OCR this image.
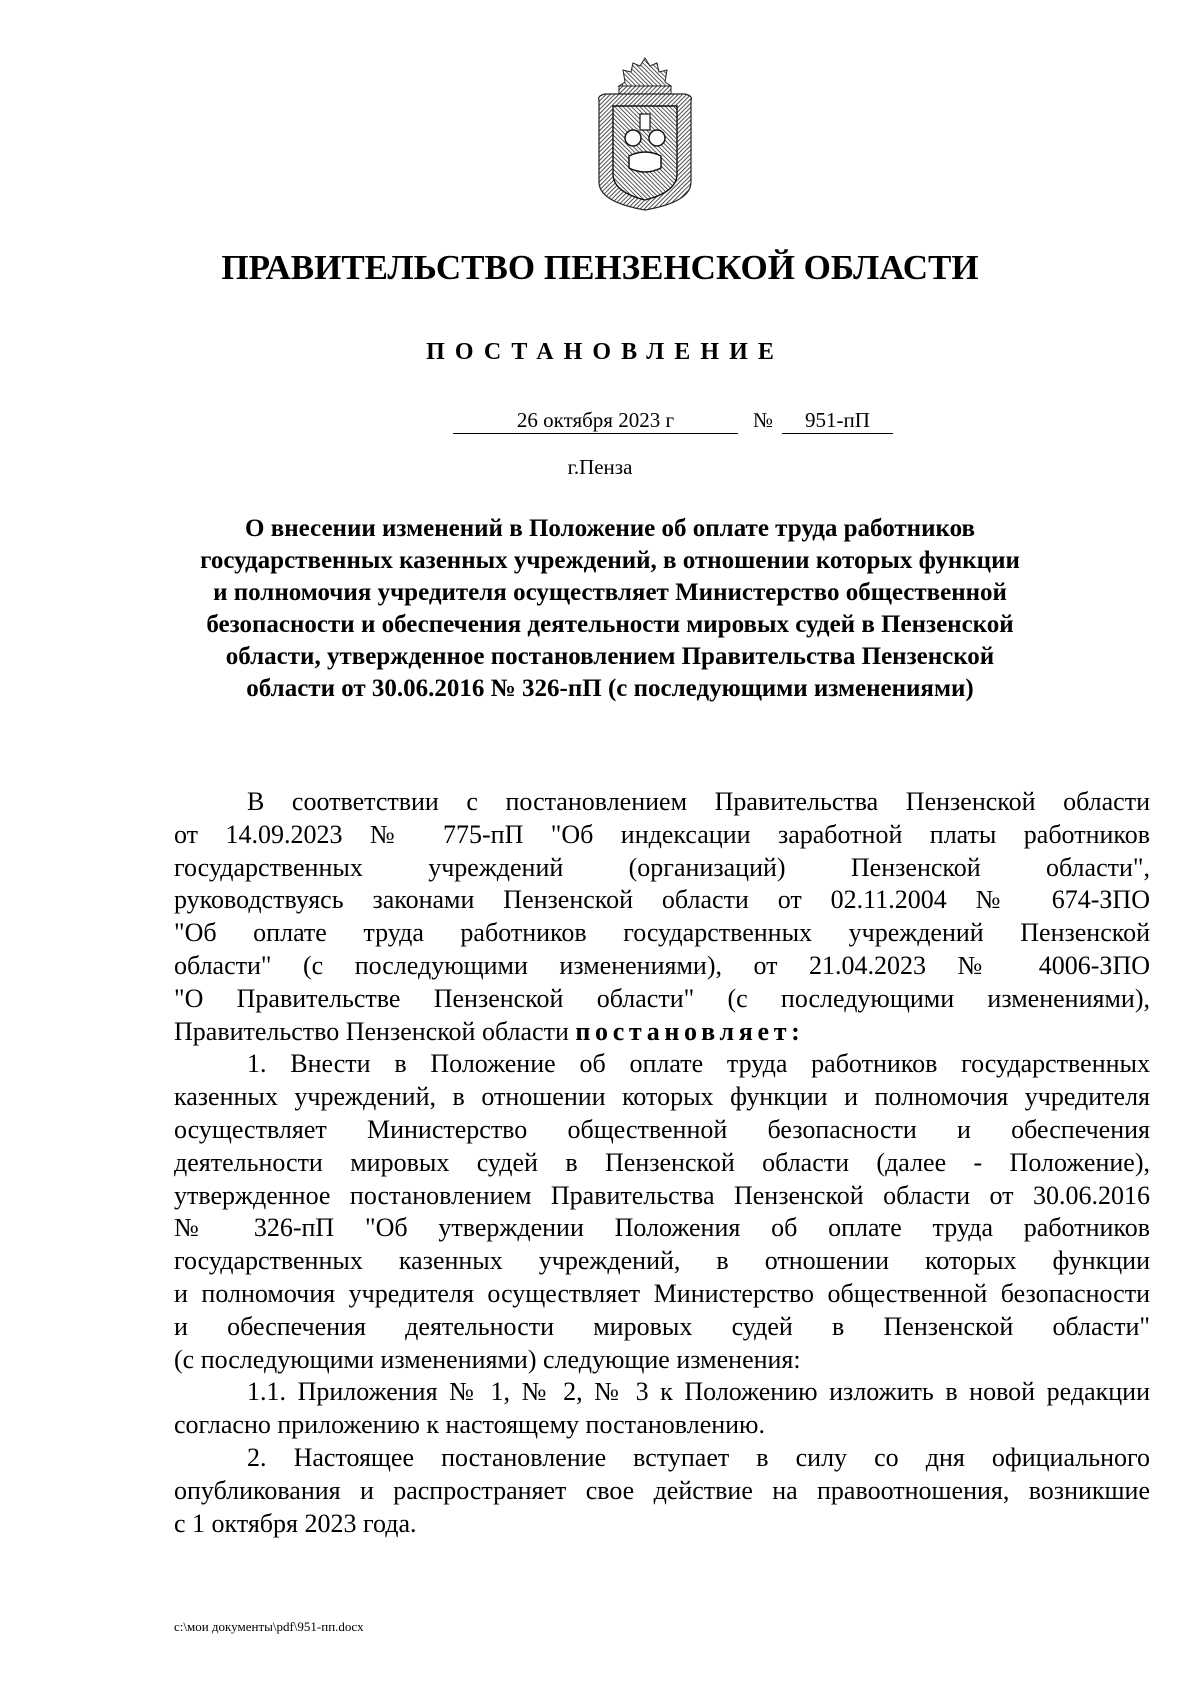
ПРАВИТЕЛЬСТВО ПЕНЗЕНСКОЙ ОБЛАСТИ
ПОСТАНОВЛЕНИЕ
26 октября 2023 г	№	951-пП
г.Пенза
О внесении изменений в Положение об оплате труда работников
государственных казенных учреждений, в отношении которых функции
и полномочия учредителя осуществляет Министерство общественной
безопасности и обеспечения деятельности мировых судей в Пензенской
области, утвержденное постановлением Правительства Пензенской
области от 30.06.2016 № 326-пП (с последующими изменениями)
В соответствии с постановлением Правительства Пензенской области
от 14.09.2023 № 775-пП "Об индексации заработной платы работников
государственных учреждений (организаций) Пензенской области",
руководствуясь законами Пензенской области от 02.11.2004 № 674-ЗПО
"Об оплате труда работников государственных учреждений Пензенской
области" (с последующими изменениями), от 21.04.2023 № 4006-ЗПО
"О Правительстве Пензенской области" (с последующими изменениями),
Правительство Пензенской области постановляет:
1. Внести в Положение об оплате труда работников государственных
казенных учреждений, в отношении которых функции и полномочия учредителя
осуществляет Министерство общественной безопасности и обеспечения
деятельности мировых судей в Пензенской области (далее - Положение),
утвержденное постановлением Правительства Пензенской области от 30.06.2016
№ 326-пП "Об утверждении Положения об оплате труда работников
государственных казенных учреждений, в отношении которых функции
и полномочия учредителя осуществляет Министерство общественной безопасности
и обеспечения деятельности мировых судей в Пензенской области"
(с последующими изменениями) следующие изменения:
1.1. Приложения № 1, № 2, № 3 к Положению изложить в новой редакции
согласно приложению к настоящему постановлению.
2. Настоящее постановление вступает в силу со дня официального
опубликования и распространяет свое действие на правоотношения, возникшие
с 1 октября 2023 года.
c:\мои документы\pdf\951-пп.docx
